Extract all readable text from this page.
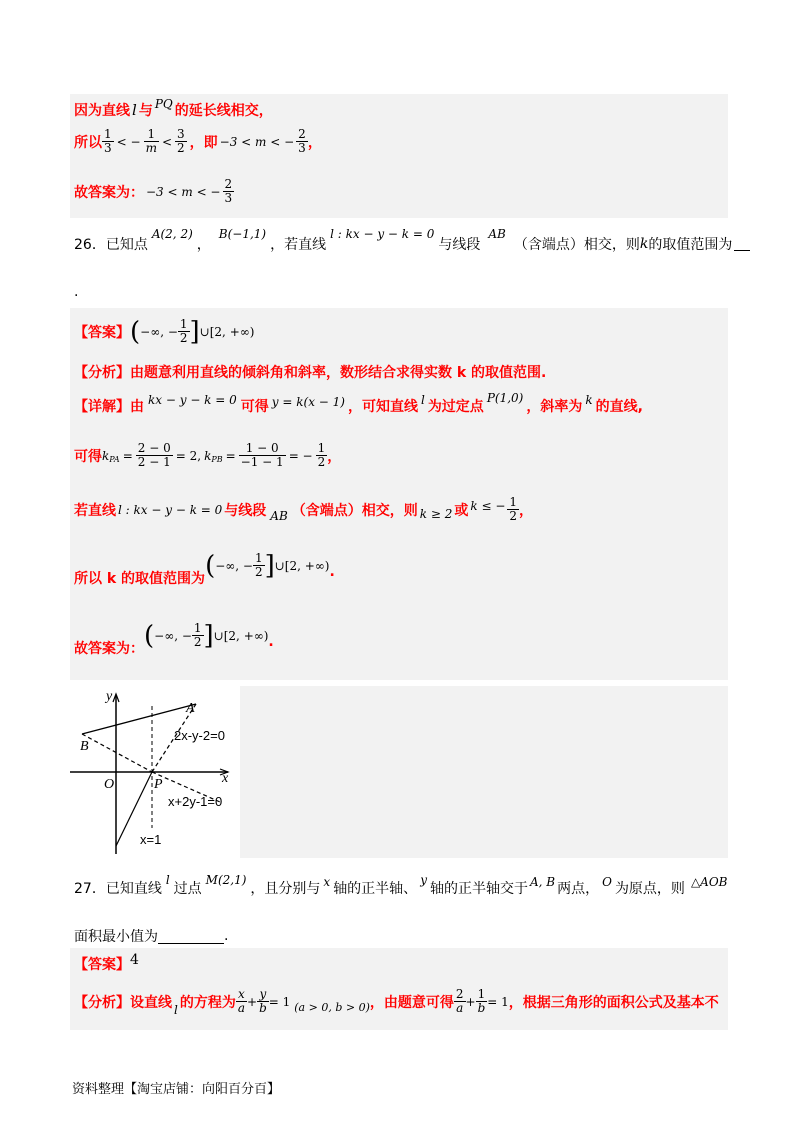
因为直线 l 与 PQ 的延长线相交，
所以 $\frac{1}{3}$ < − $\frac{1}{m} < \frac{3}{2}$ ，即 −3 < m < − $\frac{2}{3}$ ，
故答案为： −3 < m < − $\frac{2}{3}$
26．已知点
A(2, 2)
，
B(−1,1)
，若直线
l : kx − y − k = 0
与线段
AB
（含端点）相交，则 k 的取值范围为
.
【答案】 ( −∞, − $\frac{1}{2}$ ] ∪[2, +∞)
【分析】 由题意利用直线的倾斜角和斜率，数形结合求得实数 k 的取值范围.
【详解】 由 kx − y − k = 0 可得 y = k(x − 1) ，可知直线 l 为过定点
P(1,0)
，斜率为 k 的直线,
可得 k PA = $\frac{2 - 0}{2 - 1} = 2$, k PB = $\frac{1 - 0}{-1 - 1}$ = − $\frac{1}{2}$ ，
若直线 l : kx − y − k = 0 与线段 AB （含端点）相交，则 k ≥ 2 或 k ≤ − $\frac{1}{2}$ ，
所以 k 的取值范围为 ( −∞, − $\frac{1}{2}$ ] ∪[2, +∞) .
故答案为： ( −∞, − $\frac{1}{2}$ ] ∪[2, +∞) .
y
x
O	P
A
B
2x-y-2=0
x+2y-1=0
x=1
27．已知直线
l
过点
M(2,1)
，且分别与 x 轴的正半轴、
y
轴的正半轴交于 A, B 两点， O 为原点，则 △AOB
面积最小值为	.
【答案】 4
【分析】 设直线 l 的方程为 $\frac{x}{a} + \frac{y}{b} = 1$ (a > 0, b > 0) ，由题意可得 $\frac{2}{a} + \frac{1}{b} = 1$ ，根据三角形的面积公式及基本不
资料整理【淘宝店铺：向阳百分百】
